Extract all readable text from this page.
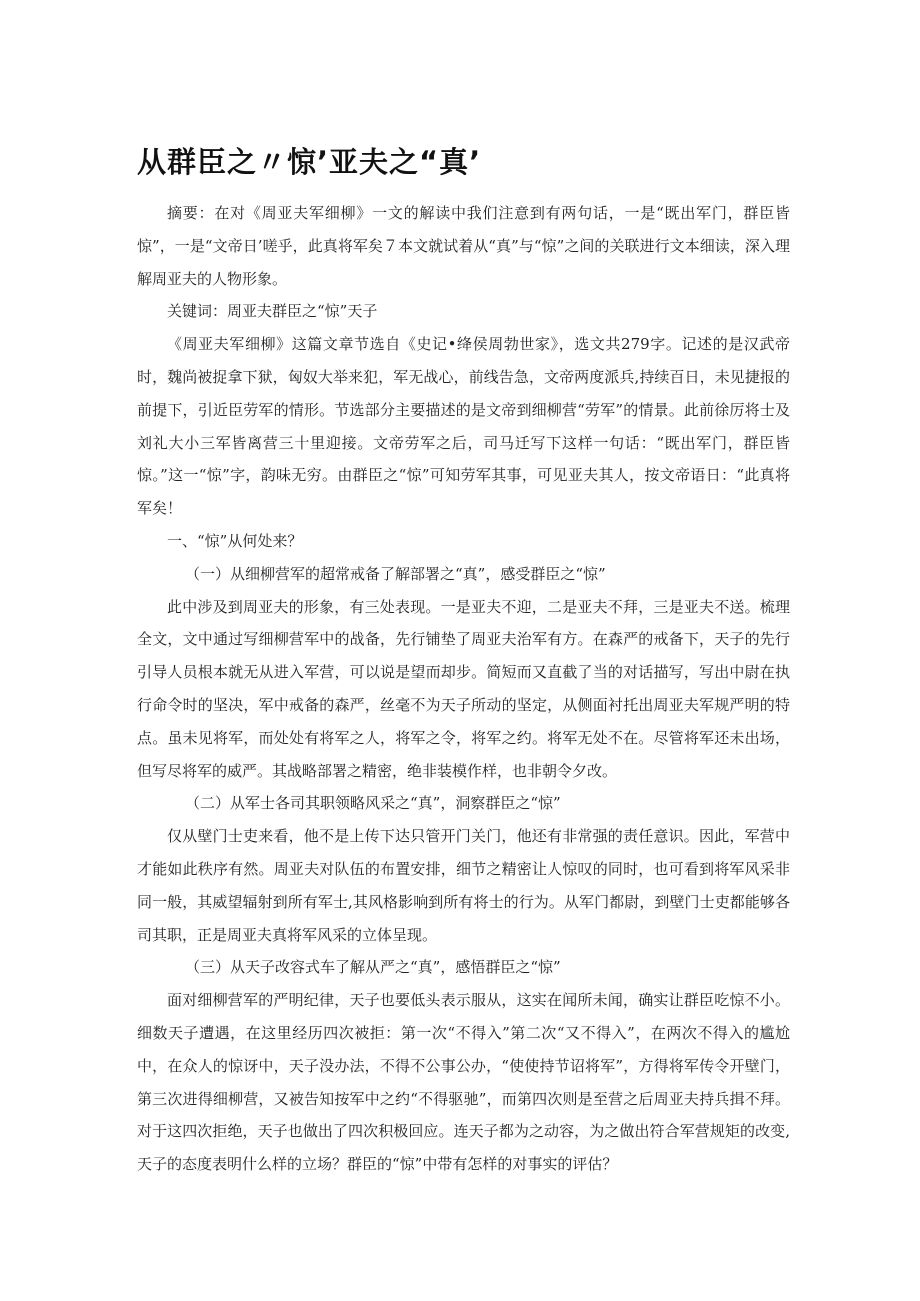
从群臣之〃惊’亚夫之“真’

摘要：在对《周亚夫军细柳》一文的解读中我们注意到有两句话，一是“既出军门，群臣皆惊”，一是“文帝日’嗟乎，此真将军矣７本文就试着从“真”与“惊”之间的关联进行文本细读，深入理解周亚夫的人物形象。

关键词：周亚夫群臣之“惊”天子

《周亚夫军细柳》这篇文章节选自《史记•绛侯周勃世家》，选文共279字。记述的是汉武帝时，魏尚被捉拿下狱，匈奴大举来犯，军无战心，前线告急，文帝两度派兵,持续百日，未见捷报的前提下，引近臣劳军的情形。节选部分主要描述的是文帝到细柳营“劳军”的情景。此前徐厉将士及刘礼大小三军皆离营三十里迎接。文帝劳军之后，司马迁写下这样一句话：“既出军门，群臣皆惊。”这一“惊”字，韵味无穷。由群臣之“惊”可知劳军其事，可见亚夫其人，按文帝语日：“此真将军矣！

一、“惊”从何处来？

（一）从细柳营军的超常戒备了解部署之“真”，感受群臣之“惊”

此中涉及到周亚夫的形象，有三处表现。一是亚夫不迎，二是亚夫不拜，三是亚夫不送。梳理全文，文中通过写细柳营军中的战备，先行铺垫了周亚夫治军有方。在森严的戒备下，天子的先行引导人员根本就无从进入军营，可以说是望而却步。简短而又直截了当的对话描写，写出中尉在执行命令时的坚决，军中戒备的森严，丝毫不为天子所动的坚定，从侧面衬托出周亚夫军规严明的特点。虽未见将军，而处处有将军之人，将军之令，将军之约。将军无处不在。尽管将军还未出场，但写尽将军的威严。其战略部署之精密，绝非装模作样，也非朝令夕改。

（二）从军士各司其职领略风采之“真”，洞察群臣之“惊”

仅从壁门士吏来看，他不是上传下达只管开门关门，他还有非常强的责任意识。因此，军营中才能如此秩序有然。周亚夫对队伍的布置安排，细节之精密让人惊叹的同时，也可看到将军风采非同一般，其威望辐射到所有军士,其风格影响到所有将士的行为。从军门都尉，到壁门士吏都能够各司其职，正是周亚夫真将军风采的立体呈现。

（三）从天子改容式车了解从严之“真”，感悟群臣之“惊”

面对细柳营军的严明纪律，天子也要低头表示服从，这实在闻所未闻，确实让群臣吃惊不小。细数天子遭遇，在这里经历四次被拒：第一次“不得入”第二次“又不得入”，在两次不得入的尴尬中，在众人的惊讶中，天子没办法，不得不公事公办，“使使持节诏将军”，方得将军传令开壁门，第三次进得细柳营，又被告知按军中之约“不得驱驰”，而第四次则是至营之后周亚夫持兵揖不拜。对于这四次拒绝，天子也做出了四次积极回应。连天子都为之动容，为之做出符合军营规矩的改变,天子的态度表明什么样的立场？群臣的“惊”中带有怎样的对事实的评估？
